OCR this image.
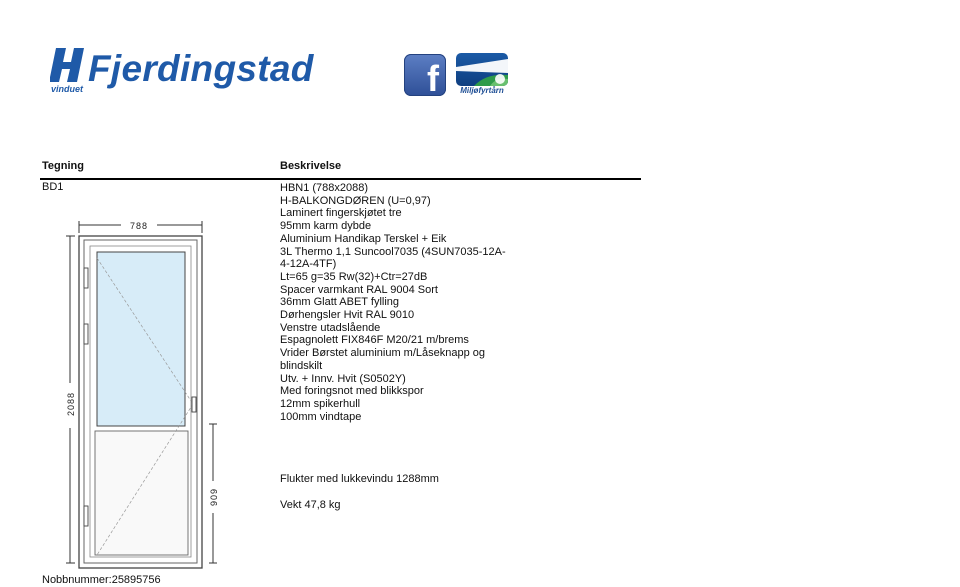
Fjerdingstad
vinduet	f	Miljøfyrtårn
Tegning	Beskrivelse
BD1
788
2088
909
HBN1 (788x2088)
H-BALKONGDØREN (U=0,97)
Laminert fingerskjøtet tre
95mm karm dybde
Aluminium Handikap Terskel + Eik
3L Thermo 1,1 Suncool7035 (4SUN7035-12A-4-12A-4TF)
Lt=65 g=35 Rw(32)+Ctr=27dB
Spacer varmkant RAL 9004 Sort
36mm Glatt ABET fylling
Dørhengsler Hvit RAL 9010
Venstre utadslående
Espagnolett FIX846F M20/21 m/brems
Vrider Børstet aluminium m/Låseknapp og blindskilt
Utv. + Innv. Hvit (S0502Y)
Med foringsnot med blikkspor
12mm spikerhull
100mm vindtape
Flukter med lukkevindu 1288mm
Vekt 47,8 kg
Nobbnummer:25895756
